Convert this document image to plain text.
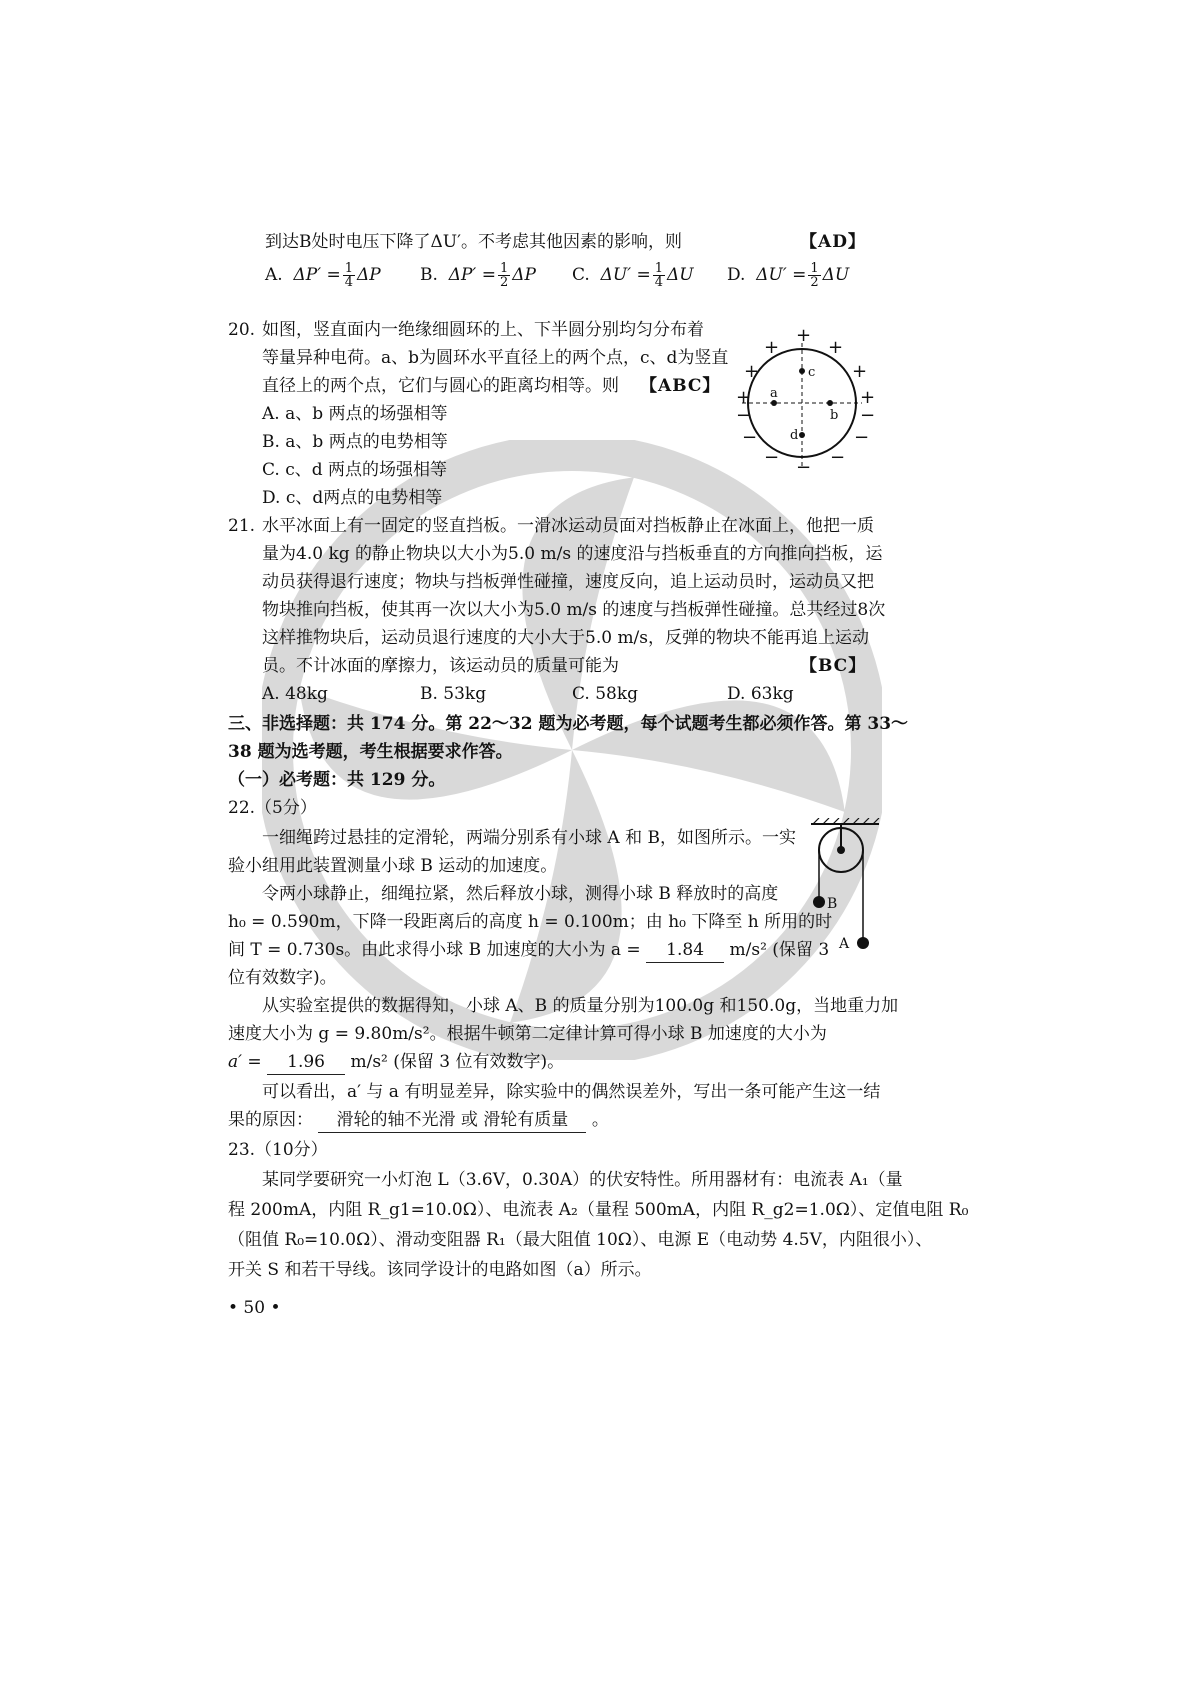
到达B处时电压下降了ΔU′。不考虑其他因素的影响，则	【AD】
A. $\Delta P' = \frac{1}{4}$ ΔP B. $\Delta P' = \frac{1}{2}$ ΔP C. $\Delta U' = \frac{1}{4}$ ΔU D. $\Delta U' = \frac{1}{2}$ ΔU
20. 如图，竖直面内一绝缘细圆环的上、下半圆分别均匀分布着
等量异种电荷。a、b为圆环水平直径上的两个点，c、d为竖直
直径上的两个点，它们与圆心的距离均相等。则 【ABC】
A. a、b 两点的场强相等
B. a、b 两点的电势相等
C. c、d 两点的场强相等
D. c、d两点的电势相等
a
b
c
d
+
+	+
+	+
+	+
−	−
−	−
−	−
−
21. 水平冰面上有一固定的竖直挡板。一滑冰运动员面对挡板静止在冰面上，他把一质
量为4.0 kg 的静止物块以大小为5.0 m/s 的速度沿与挡板垂直的方向推向挡板，运
动员获得退行速度；物块与挡板弹性碰撞，速度反向，追上运动员时，运动员又把
物块推向挡板，使其再一次以大小为5.0 m/s 的速度与挡板弹性碰撞。总共经过8次
这样推物块后，运动员退行速度的大小大于5.0 m/s，反弹的物块不能再追上运动
员。不计冰面的摩擦力，该运动员的质量可能为	【BC】
A. 48kg	B. 53kg	C. 58kg	D. 63kg
三、非选择题：共 174 分。第 22～32 题为必考题，每个试题考生都必须作答。第 33～
38 题为选考题，考生根据要求作答。
（一）必考题：共 129 分。
22.（5分）
一细绳跨过悬挂的定滑轮，两端分别系有小球 A 和 B，如图所示。一实
验小组用此装置测量小球 B 运动的加速度。
令两小球静止，细绳拉紧，然后释放小球，测得小球 B 释放时的高度
h₀ = 0.590m，下降一段距离后的高度 h = 0.100m；由 h₀ 下降至 h 所用的时
间 T = 0.730s。由此求得小球 B 加速度的大小为 a = 1.84 m/s² (保留 3
位有效数字)。
从实验室提供的数据得知，小球 A、B 的质量分别为100.0g 和150.0g，当地重力加
速度大小为 g = 9.80m/s²。根据牛顿第二定律计算可得小球 B 加速度的大小为
a′ = 1.96 m/s² (保留 3 位有效数字)。
可以看出，a′ 与 a 有明显差异，除实验中的偶然误差外，写出一条可能产生这一结
果的原因： 滑轮的轴不光滑 或 滑轮有质量 。
B
A
23.（10分）
某同学要研究一小灯泡 L（3.6V，0.30A）的伏安特性。所用器材有：电流表 A₁（量
程 200mA，内阻 R_g1=10.0Ω）、电流表 A₂（量程 500mA，内阻 R_g2=1.0Ω）、定值电阻 R₀
（阻值 R₀=10.0Ω）、滑动变阻器 R₁（最大阻值 10Ω）、电源 E（电动势 4.5V，内阻很小）、
开关 S 和若干导线。该同学设计的电路如图（a）所示。
• 50 •
